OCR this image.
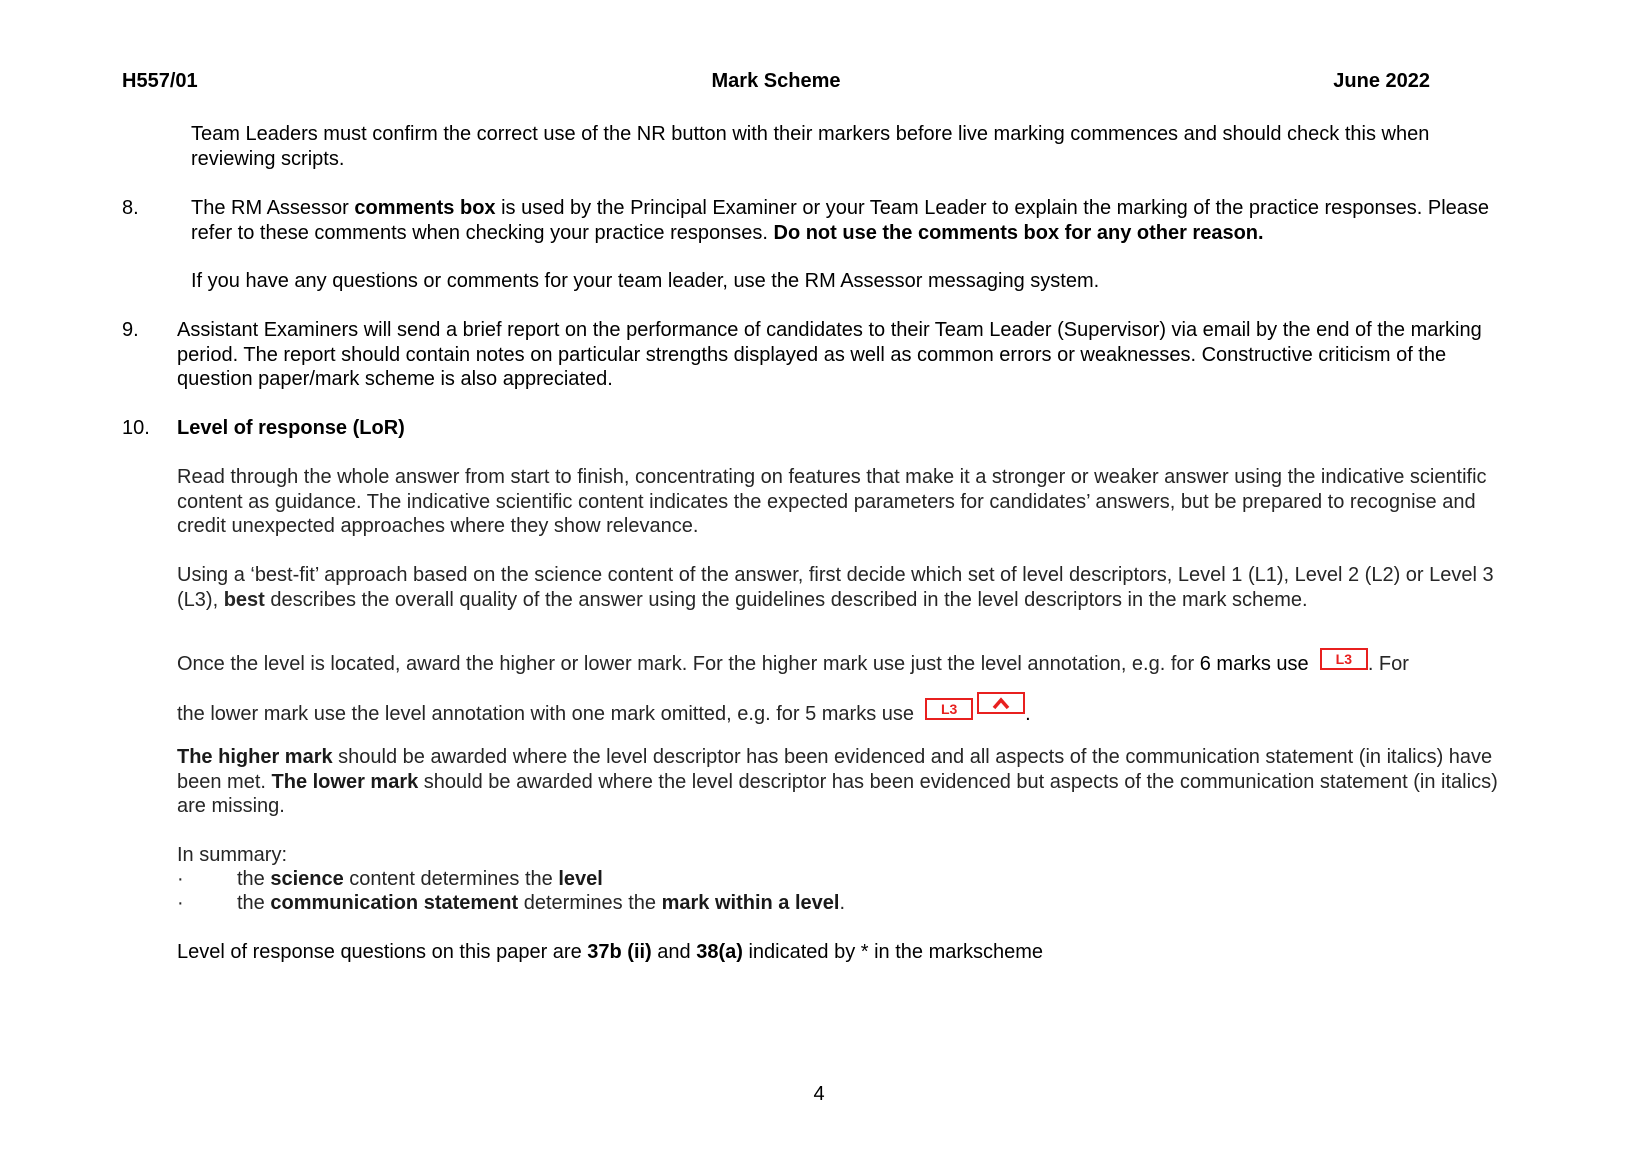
H557/01	Mark Scheme	June 2022
Team Leaders must confirm the correct use of the NR button with their markers before live marking commences and should check this when reviewing scripts.
8.	The RM Assessor comments box is used by the Principal Examiner or your Team Leader to explain the marking of the practice responses. Please refer to these comments when checking your practice responses. Do not use the comments box for any other reason.
If you have any questions or comments for your team leader, use the RM Assessor messaging system.
9. Assistant Examiners will send a brief report on the performance of candidates to their Team Leader (Supervisor) via email by the end of the marking period. The report should contain notes on particular strengths displayed as well as common errors or weaknesses. Constructive criticism of the question paper/mark scheme is also appreciated.
10. Level of response (LoR)
Read through the whole answer from start to finish, concentrating on features that make it a stronger or weaker answer using the indicative scientific content as guidance. The indicative scientific content indicates the expected parameters for candidates’ answers, but be prepared to recognise and credit unexpected approaches where they show relevance.
Using a ‘best-fit’ approach based on the science content of the answer, first decide which set of level descriptors, Level 1 (L1), Level 2 (L2) or Level 3 (L3), best describes the overall quality of the answer using the guidelines described in the level descriptors in the mark scheme.
Once the level is located, award the higher or lower mark. For the higher mark use just the level annotation, e.g. for 6 marks use L3 . For
the lower mark use the level annotation with one mark omitted, e.g. for 5 marks use L3	.
The higher mark should be awarded where the level descriptor has been evidenced and all aspects of the communication statement (in italics) have been met. The lower mark should be awarded where the level descriptor has been evidenced but aspects of the communication statement (in italics) are missing.
In summary:
·	the science content determines the level
·	the communication statement determines the mark within a level.
Level of response questions on this paper are 37b (ii) and 38(a) indicated by * in the markscheme
4
